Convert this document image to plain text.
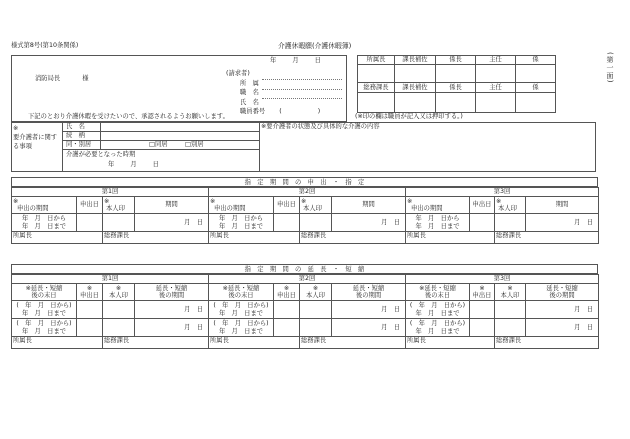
様式第8号(第10条関係)	介護休暇願(介護休暇簿)
(第一面)
年	月	日
消防局長	様
(請求者)
所　属
職　名
氏　名
職員番号 (	)
下記のとおり介護休暇を受けたいので、承認されるようお願いします。
所属長	課長補佐	係長	主任	係	

総務課長	課長補佐	係長	主任	係	

(※印の欄は職員が記入又は押印する。)
※
要介護者に関する事項
氏　名
続　柄
同・別居	□同居	□別居
介護が必要となった時期
年	月	日
※要介護者の状態及び具体的な介護の内容
指　定　期　間　の　申　出　・　指　定
第1回			
※
申出の期間	申出日	※
本人印	期間
年　月　日から
年　月　日まで			月　日
所属長		総務課長	
第2回			
※
申出の期間	申出日	※
本人印	期間
年　月　日から
年　月　日まで			月　日
所属長		総務課長	
第3回			
※
申出の期間	申出日	※
本人印	期間
年　月　日から
年　月　日まで			月　日
所属長		総務課長	
指　定　期　間　の　延　長　・　短　縮
第1回			
※延長・短縮
後の末日	※
申出日	※
本人印	延長・短縮
後の期間
(　年　月　日から)
年　月　日まで			月　日
(　年　月　日から)
年　月　日まで			月　日
所属長		総務課長	
第2回			
※延長・短縮
後の末日	※
申出日	※
本人印	延長・短縮
後の期間
(　年　月　日から)
年　月　日まで			月　日
(　年　月　日から)
年　月　日まで			月　日
所属長		総務課長	
第3回			
※延長・短縮
後の末日	※
申出日	※
本人印	延長・短縮
後の期間
(　年　月　日から)
年　月　日まで			月　日
(　年　月　日から)
年　月　日まで			月　日
所属長		総務課長	
